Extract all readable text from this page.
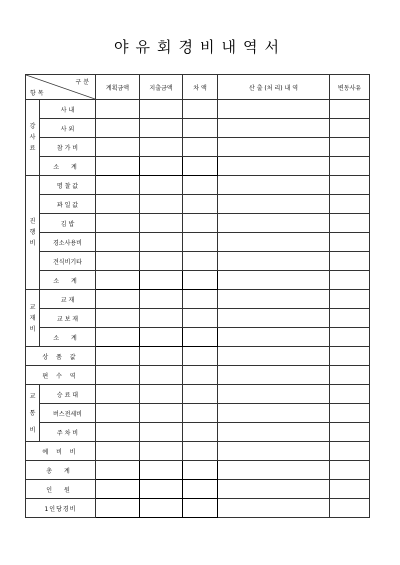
야유회경비내역서
구 분
항 목		계획금액	지출금액	차 액	산 출 (처 리) 내 역	변동사유

강
사
료	사 내					
	사 외					
	참 가 비					
	소 계					

진
행
비	명 찰 값					
	꽈 일 값					
	김 밥					
	경소사용비					
	견식비기타					
	소 계					

교
재
비	교 재					
	교 보 재					
	소 계					
상 품 값						
편 수 역						

교
통
비	승 료 대					
	버스전세비					
	주 차 비					
예 비 비						
총 계						
인 원						
1인당경비						
